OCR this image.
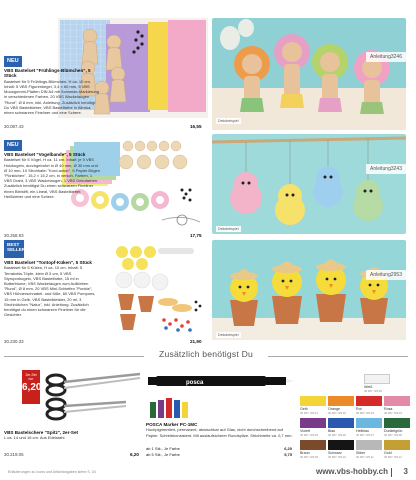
Anleitung3246
Dekobeispiel
NEU
VBS Bastelset "Frühlings-Blümchen", 5 Stück
Bastelset für 5 Frühlings-Blümchen. H ca. 10 cm. Inhalt: 5 VBS Figurenkegel, 3,4 × 60 mm, 5 VBS Moosgummi-Platten DIN A4 mit Schneide-Markierung in verschiedenen Farben, 20 VBS Wackelaugen "Rund", Ø 8 mm, inkl. Anleitung. Zusätzlich benötigt Du VBS Bastelkleber, VBS Bastelfarbe in Altrosa, einen schwarzen Fineliner und eine Schere.
30.087.43	16,55
Anleitung3243
Dekobeispiel
NEU
VBS Bastelset "Vogelbande", 5 Stück
Bastelset für 5 Vögel, H ca. 11 cm. Inhalt: je 5 VBS Holzkugeln, durchgebohrt in Ø 40 mm, Ø 30 mm und Ø 10 mm, 10 Strohhalm "Kord-anker", 5 Papier Bögen "Pünktchen", 15,2 × 15,2 cm, in versch. Farben, 1 VBS Draht, 3 VBS Wackelaugen, 1 VBS Dekofarben. Zusätzlich benötigst Du einen schwarzen Fineliner einen Bleistift, ein Lineal, VBS Bastelkleber, Heißkleber und eine Schere.
30.258.93	17,75
Anleitung2953
Dekobeispiel
BEST SELLER
VBS Bastelset "Tontopf-Küken", 5 Stück
Bastelset für 5 Küken, H ca. 10 cm. Inhalt: 5 Terrakotta-Töpfe, klein Ø 5 cm, 5 VBS Styroporkugeln, VBS Bastelfarbe, 15 ml in Butterblume, VBS Wackelaugen zum Aufkleben "Rund", Ø 8 mm, 20 VBS Mini-Schleifen "Punkte", VBS Hühnerschnabel- und füße, 60 VBS Pompons, 15 mm in Gelb, VBS Bastelkleister, 20 ml, 3 Strohhütchen "Natur", inkl. Anleitung. Zusätzlich benötigst du einen schwarzen Fineliner für die Gesichter.
30.230.33	21,90
Zusätzlich benötigst Du
2er-Set
nur
6,20
VBS Bastelschere "Spitz", 2er-Set
L ca. 14 und 16 cm. Aus Edelstahl.
30.219.05	6,20
posca
POSCA Marker PC-1MC
Hochpigmentiert, permanent, abwischbar auf Glas, nicht durchschreibend auf Papier. Schreibkonsistent. Mit auslaufsicherer Rundspitze. Strichbreite ca. 0,7 mm.
ab 1 Stk., Je Farbe	6,20
ab 5 Stk., Je Farbe	5,75
Weiß
30.967.729.00
Gelb
30.967.729.01
Orange
30.967.729.02
Rot
30.967.729.03
Rosa
30.967.729.04
Violett
30.967.729.05
Blau
30.967.729.06
Hellblau
30.967.729.07
Dunkelgrün
30.967.729.08
Braun
30.967.729.09
Schwarz
30.967.729.10
Silber
30.967.729.11
Gold
30.967.729.12
Erläuterungen zu Icons und Artikelangaben siehe S. 34	www.vbs-hobby.ch 3
